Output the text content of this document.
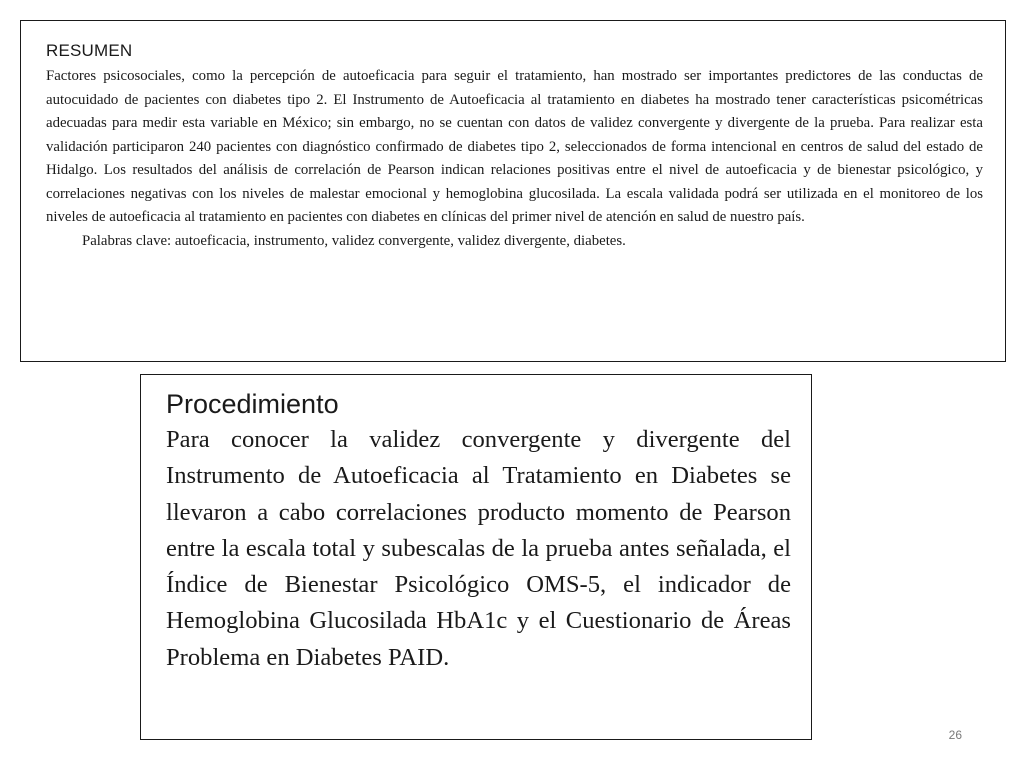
RESUMEN

Factores psicosociales, como la percepción de autoeficacia para seguir el tratamiento, han mostrado ser importantes predictores de las conductas de autocuidado de pacientes con diabetes tipo 2. El Instrumento de Autoeficacia al tratamiento en diabetes ha mostrado tener características psicométricas adecuadas para medir esta variable en México; sin embargo, no se cuentan con datos de validez convergente y divergente de la prueba. Para realizar esta validación participaron 240 pacientes con diagnóstico confirmado de diabetes tipo 2, seleccionados de forma intencional en centros de salud del estado de Hidalgo. Los resultados del análisis de correlación de Pearson indican relaciones positivas entre el nivel de autoeficacia y de bienestar psicológico, y correlaciones negativas con los niveles de malestar emocional y hemoglobina glucosilada. La escala validada podrá ser utilizada en el monitoreo de los niveles de autoeficacia al tratamiento en pacientes con diabetes en clínicas del primer nivel de atención en salud de nuestro país.

Palabras clave: autoeficacia, instrumento, validez convergente, validez divergente, diabetes.

Procedimiento

Para conocer la validez convergente y divergente del Instrumento de Autoeficacia al Tratamiento en Diabetes se llevaron a cabo correlaciones producto momento de Pearson entre la escala total y subescalas de la prueba antes señalada, el Índice de Bienestar Psicológico OMS-5, el indicador de Hemoglobina Glucosilada HbA1c y el Cuestionario de Áreas Problema en Diabetes PAID.

26
